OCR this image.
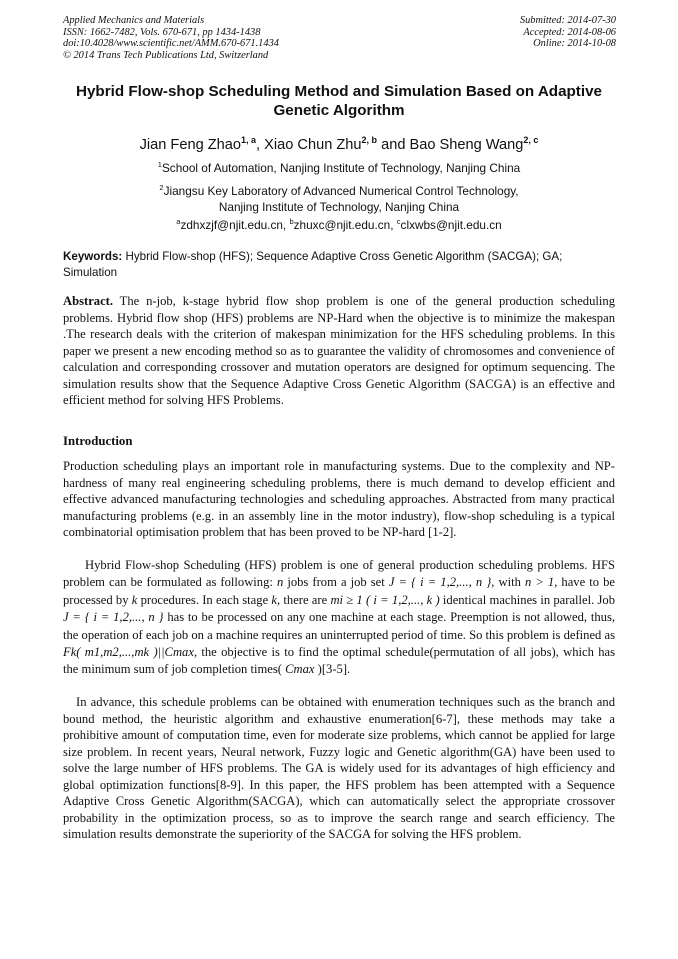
Applied Mechanics and Materials
ISSN: 1662-7482, Vols. 670-671, pp 1434-1438
doi:10.4028/www.scientific.net/AMM.670-671.1434
© 2014 Trans Tech Publications Ltd, Switzerland
Submitted: 2014-07-30
Accepted: 2014-08-06
Online: 2014-10-08
Hybrid Flow-shop Scheduling Method and Simulation Based on Adaptive Genetic Algorithm
Jian Feng Zhao$^{1, a}$, Xiao Chun Zhu$^{2, b}$ and Bao Sheng Wang$^{2, c}$
$^1$School of Automation, Nanjing Institute of Technology, Nanjing China
$^2$Jiangsu Key Laboratory of Advanced Numerical Control Technology,
Nanjing Institute of Technology, Nanjing China
$^a$zdhxzjf@njit.edu.cn, $^b$zhuxc@njit.edu.cn, $^c$clxwbs@njit.edu.cn
Keywords: Hybrid Flow-shop (HFS); Sequence Adaptive Cross Genetic Algorithm (SACGA); GA; Simulation
Abstract. The n-job, k-stage hybrid flow shop problem is one of the general production scheduling problems. Hybrid flow shop (HFS) problems are NP-Hard when the objective is to minimize the makespan .The research deals with the criterion of makespan minimization for the HFS scheduling problems. In this paper we present a new encoding method so as to guarantee the validity of chromosomes and convenience of calculation and corresponding crossover and mutation operators are designed for optimum sequencing. The simulation results show that the Sequence Adaptive Cross Genetic Algorithm (SACGA) is an effective and efficient method for solving HFS Problems.
Introduction
Production scheduling plays an important role in manufacturing systems. Due to the complexity and NP-hardness of many real engineering scheduling problems, there is much demand to develop efficient and effective advanced manufacturing technologies and scheduling approaches. Abstracted from many practical manufacturing problems (e.g. in an assembly line in the motor industry), flow-shop scheduling is a typical combinatorial optimisation problem that has been proved to be NP-hard [1-2].
Hybrid Flow-shop Scheduling (HFS) problem is one of general production scheduling problems. HFS problem can be formulated as following: n jobs from a job set J = { i = 1,2,..., n }, with n > 1, have to be processed by k procedures. In each stage k, there are mi ≥ 1 ( i = 1,2,..., k ) identical machines in parallel. Job J = { i = 1,2,..., n } has to be processed on any one machine at each stage. Preemption is not allowed, thus, the operation of each job on a machine requires an uninterrupted period of time. So this problem is defined as Fk( m1,m2,...,mk )||Cmax, the objective is to find the optimal schedule(permutation of all jobs), which has the minimum sum of job completion times( Cmax )[3-5].
In advance, this schedule problems can be obtained with enumeration techniques such as the branch and bound method, the heuristic algorithm and exhaustive enumeration[6-7], these methods may take a prohibitive amount of computation time, even for moderate size problems, which cannot be applied for large size problem. In recent years, Neural network, Fuzzy logic and Genetic algorithm(GA) have been used to solve the large number of HFS problems. The GA is widely used for its advantages of high efficiency and global optimization functions[8-9]. In this paper, the HFS problem has been attempted with a Sequence Adaptive Cross Genetic Algorithm(SACGA), which can automatically select the appropriate crossover probability in the optimization process, so as to improve the search range and search efficiency. The simulation results demonstrate the superiority of the SACGA for solving the HFS problem.
